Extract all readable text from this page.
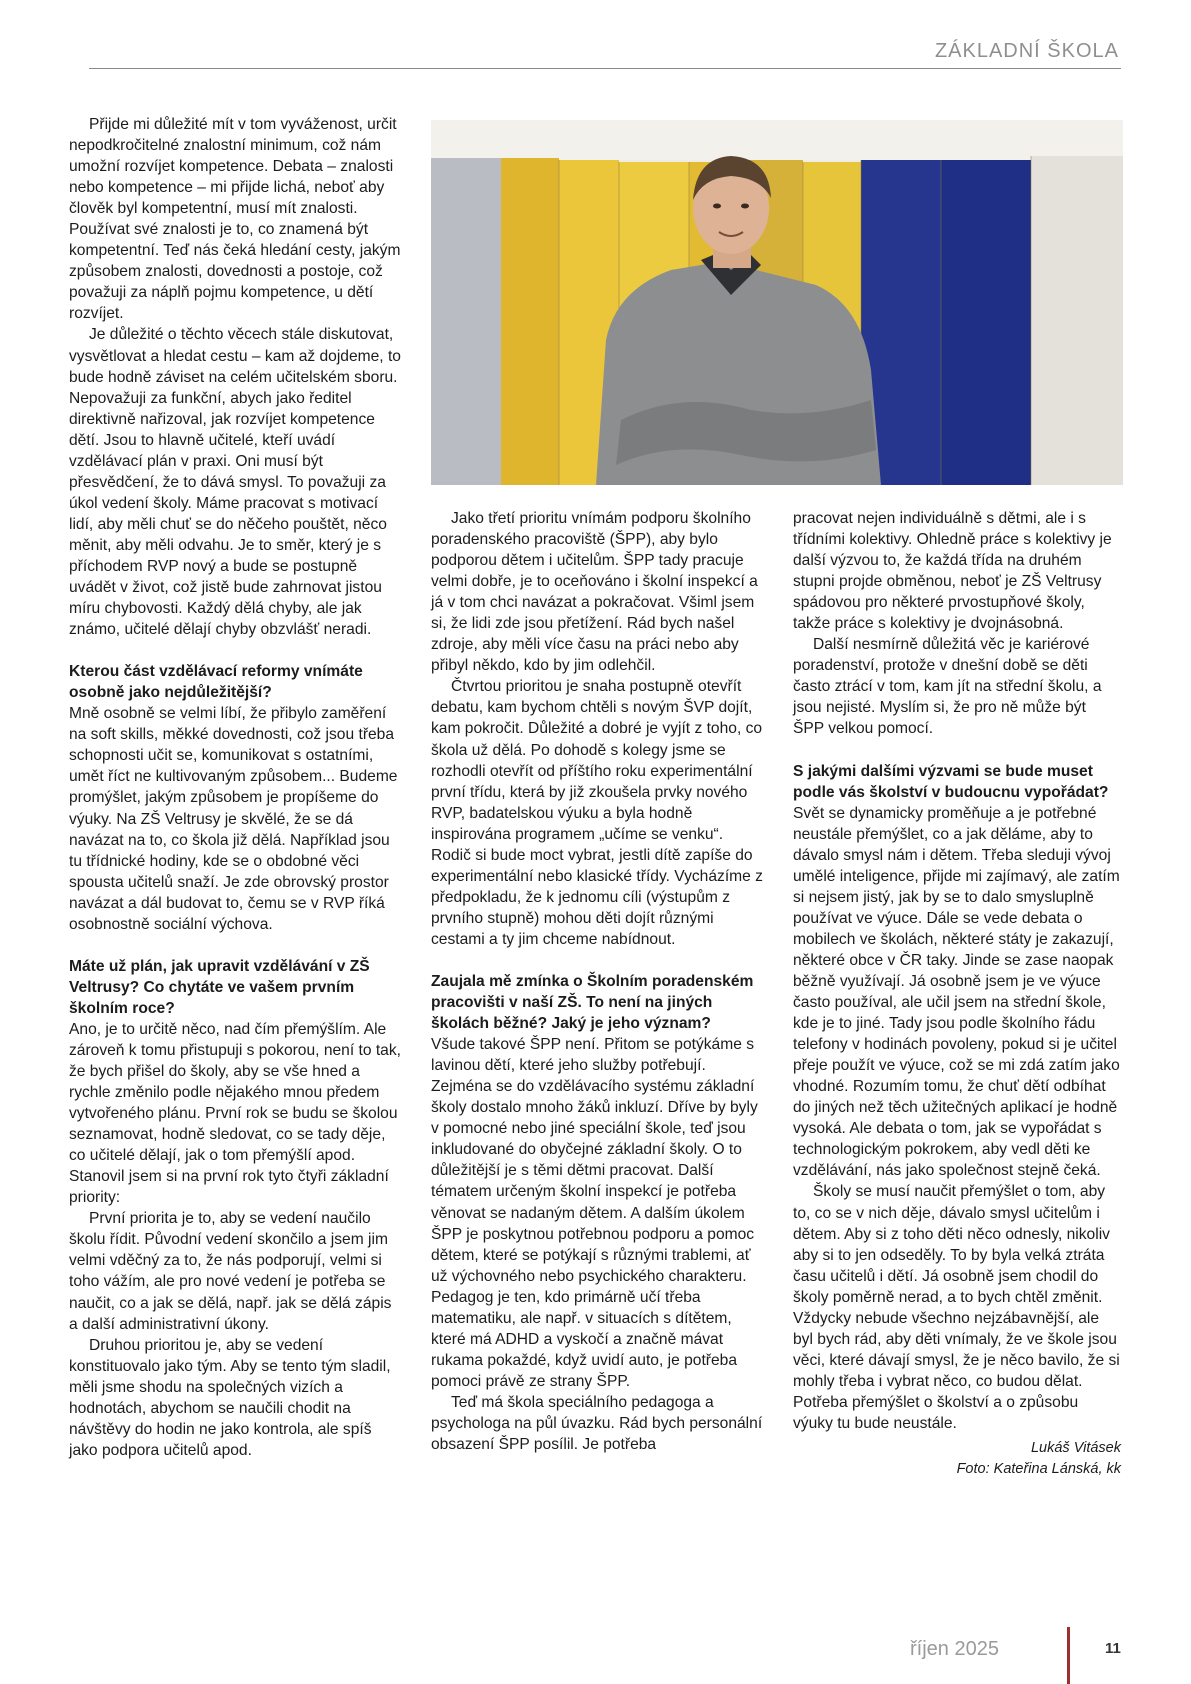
ZÁKLADNÍ ŠKOLA

Přijde mi důležité mít v tom vyváženost, určit nepodkročitelné znalostní minimum, což nám umožní rozvíjet kompetence. Debata – znalosti nebo kompetence – mi přijde lichá, neboť aby člověk byl kompetentní, musí mít znalosti. Používat své znalosti je to, co znamená být kompetentní. Teď nás čeká hledání cesty, jakým způsobem znalosti, dovednosti a postoje, což považuji za náplň pojmu kompetence, u dětí rozvíjet.

Je důležité o těchto věcech stále diskutovat, vysvětlovat a hledat cestu – kam až dojdeme, to bude hodně záviset na celém učitelském sboru. Nepovažuji za funkční, abych jako ředitel direktivně nařizoval, jak rozvíjet kompetence dětí. Jsou to hlavně učitelé, kteří uvádí vzdělávací plán v praxi. Oni musí být přesvědčení, že to dává smysl. To považuji za úkol vedení školy. Máme pracovat s motivací lidí, aby měli chuť se do něčeho pouštět, něco měnit, aby měli odvahu. Je to směr, který je s příchodem RVP nový a bude se postupně uvádět v život, což jistě bude zahrnovat jistou míru chybovosti. Každý dělá chyby, ale jak známo, učitelé dělají chyby obzvlášť neradi.

Kterou část vzdělávací reformy vnímáte osobně jako nejdůležitější?

Mně osobně se velmi líbí, že přibylo zaměření na soft skills, měkké dovednosti, což jsou třeba schopnosti učit se, komunikovat s ostatními, umět říct ne kultivovaným způsobem... Budeme promýšlet, jakým způsobem je propíšeme do výuky. Na ZŠ Veltrusy je skvělé, že se dá navázat na to, co škola již dělá. Například jsou tu třídnické hodiny, kde se o obdobné věci spousta učitelů snaží. Je zde obrovský prostor navázat a dál budovat to, čemu se v RVP říká osobnostně sociální výchova.

Máte už plán, jak upravit vzdělávání v ZŠ Veltrusy? Co chytáte ve vašem prvním školním roce?

Ano, je to určitě něco, nad čím přemýšlím. Ale zároveň k tomu přistupuji s pokorou, není to tak, že bych přišel do školy, aby se vše hned a rychle změnilo podle nějakého mnou předem vytvořeného plánu. První rok se budu se školou seznamovat, hodně sledovat, co se tady děje, co učitelé dělají, jak o tom přemýšlí apod. Stanovil jsem si na první rok tyto čtyři základní priority:

První priorita je to, aby se vedení naučilo školu řídit. Původní vedení skončilo a jsem jim velmi vděčný za to, že nás podporují, velmi si toho vážím, ale pro nové vedení je potřeba se naučit, co a jak se dělá, např. jak se dělá zápis a další administrativní úkony.

Druhou prioritou je, aby se vedení konstituovalo jako tým. Aby se tento tým sladil, měli jsme shodu na společných vizích a hodnotách, abychom se naučili chodit na návštěvy do hodin ne jako kontrola, ale spíš jako podpora učitelů apod.

Jako třetí prioritu vnímám podporu školního poradenského pracoviště (ŠPP), aby bylo podporou dětem i učitelům. ŠPP tady pracuje velmi dobře, je to oceňováno i školní inspekcí a já v tom chci navázat a pokračovat. Všiml jsem si, že lidi zde jsou přetížení. Rád bych našel zdroje, aby měli více času na práci nebo aby přibyl někdo, kdo by jim odlehčil.

Čtvrtou prioritou je snaha postupně otevřít debatu, kam bychom chtěli s novým ŠVP dojít, kam pokročit. Důležité a dobré je vyjít z toho, co škola už dělá. Po dohodě s kolegy jsme se rozhodli otevřít od příštího roku experimentální první třídu, která by již zkoušela prvky nového RVP, badatelskou výuku a byla hodně inspirována programem „učíme se venku“. Rodič si bude moct vybrat, jestli dítě zapíše do experimentální nebo klasické třídy. Vycházíme z předpokladu, že k jednomu cíli (výstupům z prvního stupně) mohou děti dojít různými cestami a ty jim chceme nabídnout.

Zaujala mě zmínka o Školním poradenském pracovišti v naší ZŠ. To není na jiných školách běžné? Jaký je jeho význam?

Všude takové ŠPP není. Přitom se potýkáme s lavinou dětí, které jeho služby potřebují. Zejména se do vzdělávacího systému základní školy dostalo mnoho žáků inkluzí. Dříve by byly v pomocné nebo jiné speciální škole, teď jsou inkludované do obyčejné základní školy. O to důležitější je s těmi dětmi pracovat. Další tématem určeným školní inspekcí je potřeba věnovat se nadaným dětem. A dalším úkolem ŠPP je poskytnou potřebnou podporu a pomoc dětem, které se potýkají s různými trablemi, ať už výchovného nebo psychického charakteru. Pedagog je ten, kdo primárně učí třeba matematiku, ale např. v situacích s dítětem, které má ADHD a vyskočí a značně mávat rukama pokaždé, když uvidí auto, je potřeba pomoci právě ze strany ŠPP.

Teď má škola speciálního pedagoga a psychologa na půl úvazku. Rád bych personální obsazení ŠPP posílil. Je potřeba

pracovat nejen individuálně s dětmi, ale i s třídními kolektivy. Ohledně práce s kolektivy je další výzvou to, že každá třída na druhém stupni projde obměnou, neboť je ZŠ Veltrusy spádovou pro některé prvostupňové školy, takže práce s kolektivy je dvojnásobná.

Další nesmírně důležitá věc je kariérové poradenství, protože v dnešní době se děti často ztrácí v tom, kam jít na střední školu, a jsou nejisté. Myslím si, že pro ně může být ŠPP velkou pomocí.

S jakými dalšími výzvami se bude muset podle vás školství v budoucnu vypořádat?

Svět se dynamicky proměňuje a je potřebné neustále přemýšlet, co a jak děláme, aby to dávalo smysl nám i dětem. Třeba sleduji vývoj umělé inteligence, přijde mi zajímavý, ale zatím si nejsem jistý, jak by se to dalo smysluplně používat ve výuce. Dále se vede debata o mobilech ve školách, některé státy je zakazují, některé obce v ČR taky. Jinde se zase naopak běžně využívají. Já osobně jsem je ve výuce často používal, ale učil jsem na střední škole, kde je to jiné. Tady jsou podle školního řádu telefony v hodinách povoleny, pokud si je učitel přeje použít ve výuce, což se mi zdá zatím jako vhodné. Rozumím tomu, že chuť dětí odbíhat do jiných než těch užitečných aplikací je hodně vysoká. Ale debata o tom, jak se vypořádat s technologickým pokrokem, aby vedl děti ke vzdělávání, nás jako společnost stejně čeká.

Školy se musí naučit přemýšlet o tom, aby to, co se v nich děje, dávalo smysl učitelům i dětem. Aby si z toho děti něco odnesly, nikoliv aby si to jen odseděly. To by byla velká ztráta času učitelů i dětí. Já osobně jsem chodil do školy poměrně nerad, a to bych chtěl změnit. Vždycky nebude všechno nejzábavnější, ale byl bych rád, aby děti vnímaly, že ve škole jsou věci, které dávají smysl, že je něco bavilo, že si mohly třeba i vybrat něco, co budou dělat. Potřeba přemýšlet o školství a o způsobu výuky tu bude neustále.

Lukáš Vitásek

Foto: Kateřina Lánská, kk

říjen 2025	11
